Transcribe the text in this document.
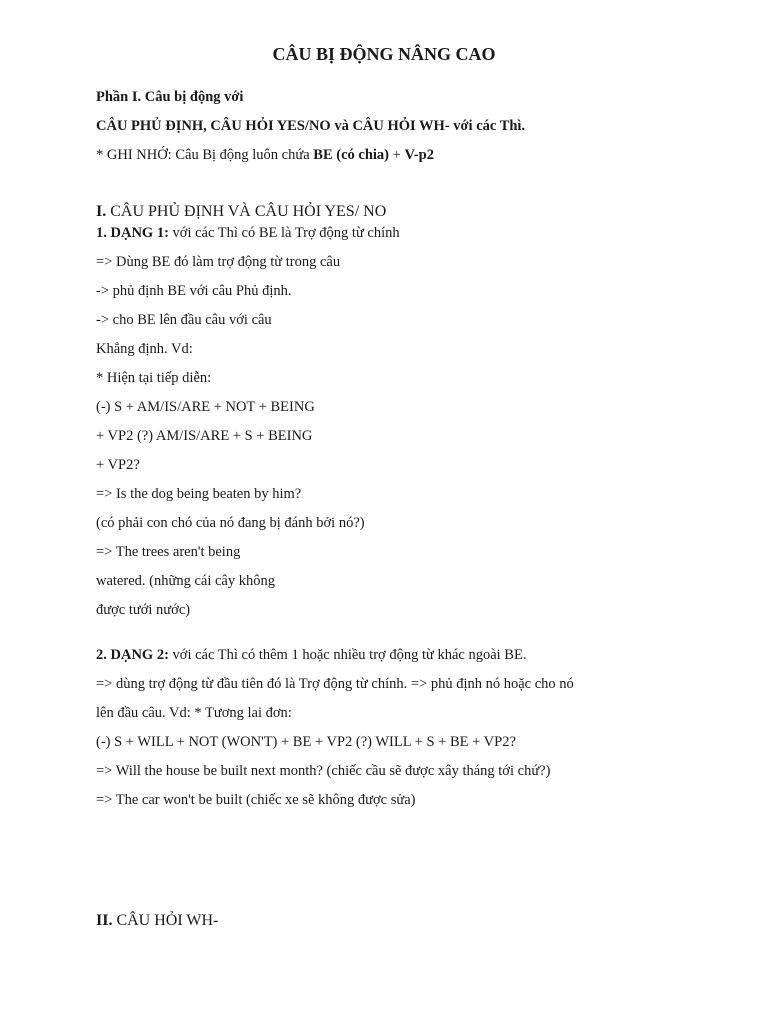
CÂU BỊ ĐỘNG NÂNG CAO
Phần I. Câu bị động với
CÂU PHỦ ĐỊNH, CÂU HỎI YES/NO và CÂU HỎI WH- với các Thì.
* GHI NHỚ: Câu Bị động luôn chứa BE (có chia) + V-p2
I. CÂU PHỦ ĐỊNH VÀ CÂU HỎI YES/ NO
1. DẠNG 1: với các Thì có BE là Trợ động từ chính
=> Dùng BE đó làm trợ động từ trong câu
-> phủ định BE với câu Phủ định.
-> cho BE lên đầu câu với câu
Khẳng định. Vd:
* Hiện tại tiếp diễn:
(-) S + AM/IS/ARE + NOT + BEING
+ VP2 (?) AM/IS/ARE + S + BEING
+ VP2?
=> Is the dog being beaten by him?
(có phải con chó của nó đang bị đánh bởi nó?)
=> The trees aren't being
watered. (những cái cây không
được tưới nước)
2. DẠNG 2: với các Thì có thêm 1 hoặc nhiều trợ động từ khác ngoài BE.
=> dùng trợ động từ đầu tiên đó là Trợ động từ chính. => phủ định nó hoặc cho nó
lên đầu câu. Vd: * Tương lai đơn:
(-) S + WILL + NOT (WON'T) + BE + VP2 (?) WILL + S + BE + VP2?
=> Will the house be built next month? (chiếc cầu sẽ được xây tháng tới chứ?)
=> The car won't be built (chiếc xe sẽ không được sửa)
II. CÂU HỎI WH-
